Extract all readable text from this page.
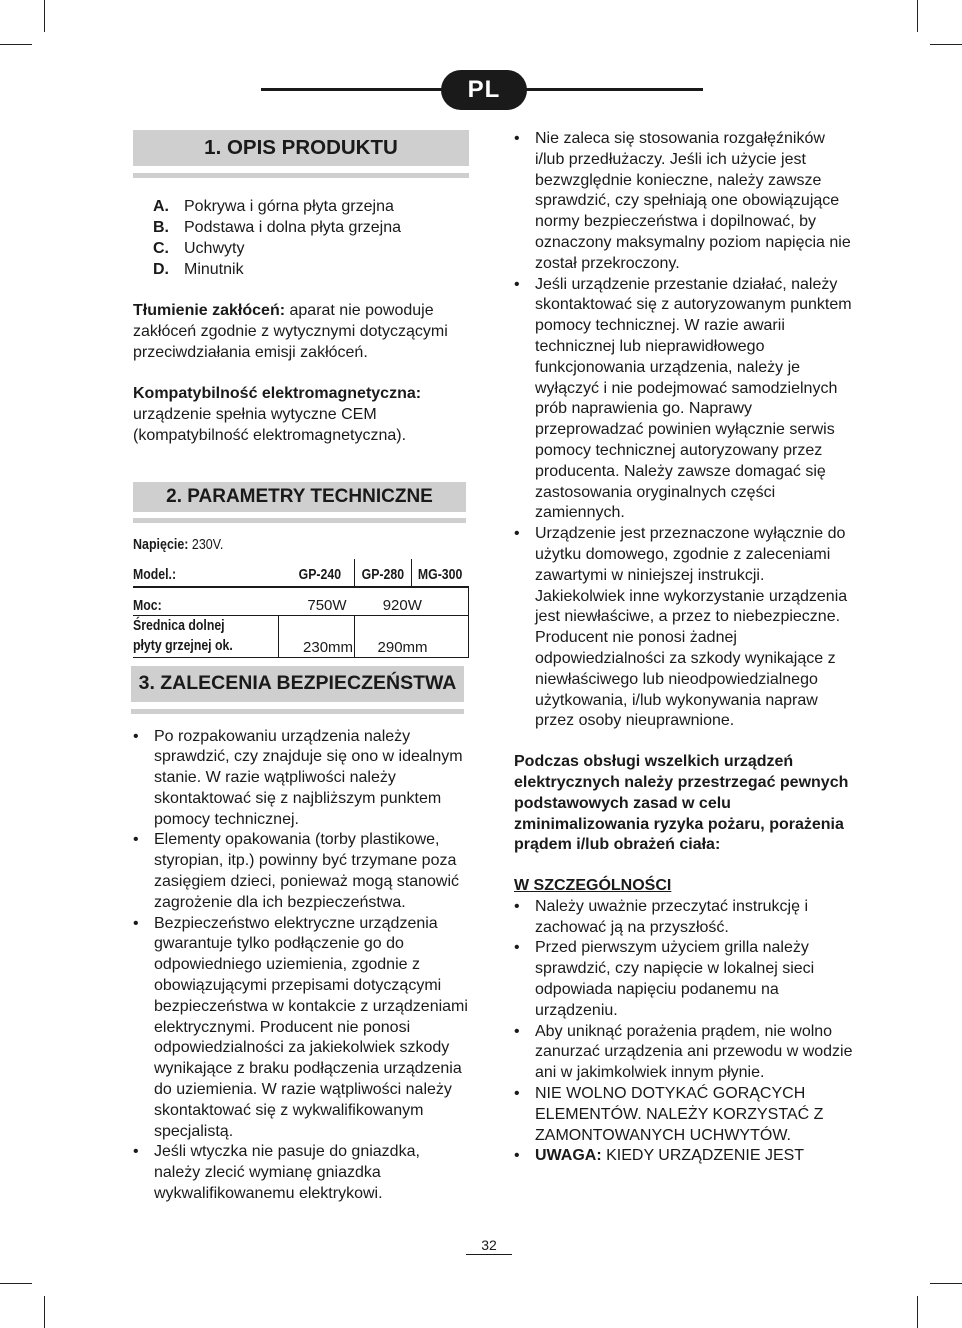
PL
1. OPIS PRODUKTU
A. Pokrywa i górna płyta grzejna
B. Podstawa i dolna płyta grzejna
C. Uchwyty
D. Minutnik

Tłumienie zakłóceń: aparat nie powoduje zakłóceń zgodnie z wytycznymi dotyczącymi przeciwdziałania emisji zakłóceń.

Kompatybilność elektromagnetyczna:
urządzenie spełnia wytyczne CEM (kompatybilność elektromagnetyczna).

2. PARAMETRY TECHNICZNE
Napięcie: 230V.
Model.:	GP-240	GP-280	MG-300
Moc:	750W	920W	
Średnica dolnej
płyty grzejnej ok.	230mm	290mm	
3. ZALECENIA BEZPIECZEŃSTWA
• Po rozpakowaniu urządzenia należy sprawdzić, czy znajduje się ono w idealnym stanie. W razie wątpliwości należy skontaktować się z najbliższym punktem pomocy technicznej.
• Elementy opakowania (torby plastikowe, styropian, itp.) powinny być trzymane poza zasięgiem dzieci, ponieważ mogą stanowić zagrożenie dla ich bezpieczeństwa.
• Bezpieczeństwo elektryczne urządzenia gwarantuje tylko podłączenie go do odpowiedniego uziemienia, zgodnie z obowiązującymi przepisami dotyczącymi bezpieczeństwa w kontakcie z urządzeniami elektrycznymi. Producent nie ponosi odpowiedzialności za jakiekolwiek szkody wynikające z braku podłączenia urządzenia do uziemienia. W razie wątpliwości należy skontaktować się z wykwalifikowanym specjalistą.
• Jeśli wtyczka nie pasuje do gniazdka, należy zlecić wymianę gniazdka wykwalifikowanemu elektrykowi.
• Nie zaleca się stosowania rozgałęźników i/lub przedłużaczy. Jeśli ich użycie jest bezwzględnie konieczne, należy zawsze sprawdzić, czy spełniają one obowiązujące normy bezpieczeństwa i dopilnować, by oznaczony maksymalny poziom napięcia nie został przekroczony.
• Jeśli urządzenie przestanie działać, należy skontaktować się z autoryzowanym punktem pomocy technicznej. W razie awarii technicznej lub nieprawidłowego funkcjonowania urządzenia, należy je wyłączyć i nie podejmować samodzielnych prób naprawienia go. Naprawy przeprowadzać powinien wyłącznie serwis pomocy technicznej autoryzowany przez producenta. Należy zawsze domagać się zastosowania oryginalnych części zamiennych.
• Urządzenie jest przeznaczone wyłącznie do użytku domowego, zgodnie z zaleceniami zawartymi w niniejszej instrukcji. Jakiekolwiek inne wykorzystanie urządzenia jest niewłaściwe, a przez to niebezpieczne. Producent nie ponosi żadnej odpowiedzialności za szkody wynikające z niewłaściwego lub nieodpowiedzialnego użytkowania, i/lub wykonywania napraw przez osoby nieuprawnione.

Podczas obsługi wszelkich urządzeń elektrycznych należy przestrzegać pewnych podstawowych zasad w celu zminimalizowania ryzyka pożaru, porażenia prądem i/lub obrażeń ciała:

W SZCZEGÓLNOŚCI

• Należy uważnie przeczytać instrukcję i zachować ją na przyszłość.
• Przed pierwszym użyciem grilla należy sprawdzić, czy napięcie w lokalnej sieci odpowiada napięciu podanemu na urządzeniu.
• Aby uniknąć porażenia prądem, nie wolno zanurzać urządzenia ani przewodu w wodzie ani w jakimkolwiek innym płynie.
• NIE WOLNO DOTYKAĆ GORĄCYCH ELEMENTÓW. NALEŻY KORZYSTAĆ Z ZAMONTOWANYCH UCHWYTÓW.
• UWAGA: KIEDY URZĄDZENIE JEST
32
